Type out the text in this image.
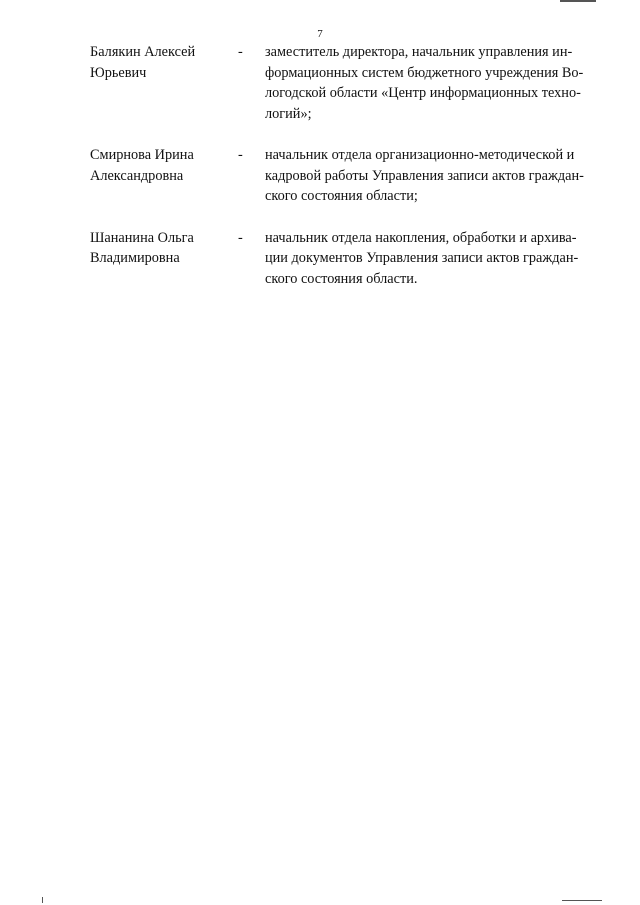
7
Балякин Алексей
Юрьевич
-	заместитель директора, начальник управления ин-
формационных систем бюджетного учреждения Во-
логодской области «Центр информационных техно-
логий»;
Смирнова Ирина
Александровна
-	начальник отдела организационно-методической и
кадровой работы Управления записи актов граждан-
ского состояния области;
Шананина Ольга
Владимировна
-	начальник отдела накопления, обработки и архива-
ции документов Управления записи актов граждан-
ского состояния области.
